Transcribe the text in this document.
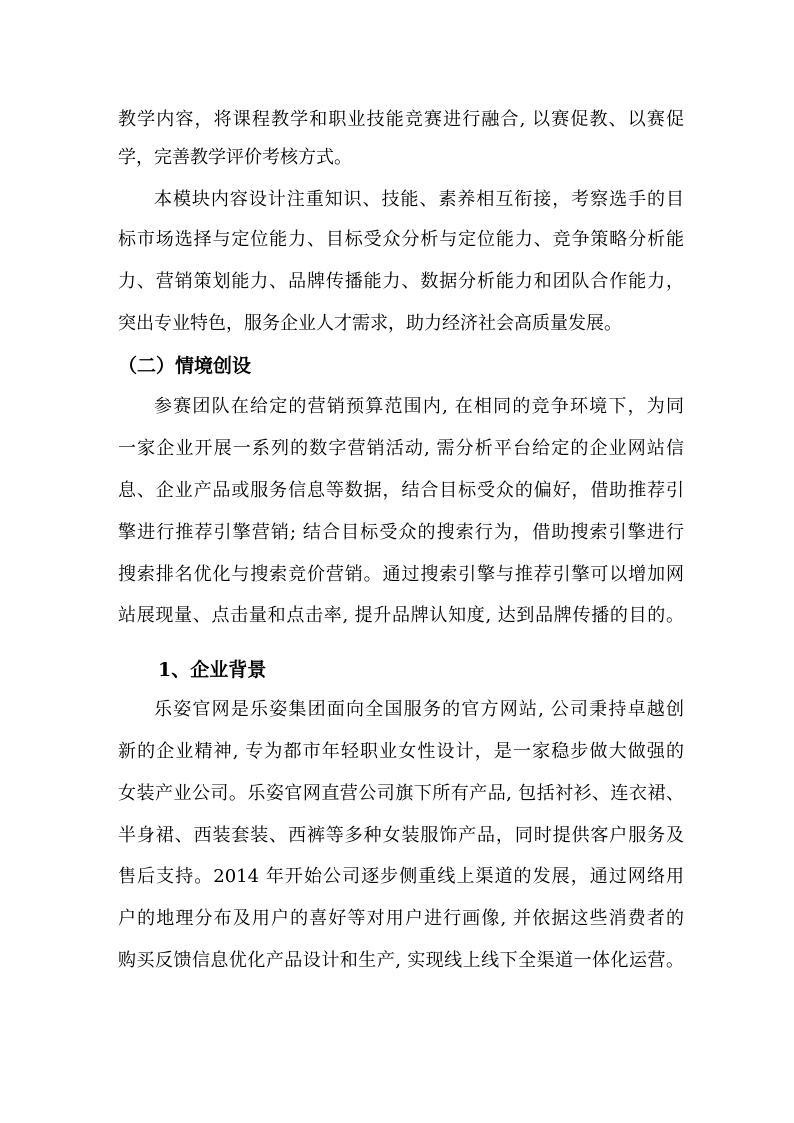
教学内容，将课程教学和职业技能竞赛进行融合, 以赛促教、以赛促
学，完善教学评价考核方式。
本模块内容设计注重知识、技能、素养相互衔接，考察选手的目
标市场选择与定位能力、目标受众分析与定位能力、竞争策略分析能
力、营销策划能力、品牌传播能力、数据分析能力和团队合作能力，
突出专业特色，服务企业人才需求，助力经济社会高质量发展。
（二）情境创设
参赛团队在给定的营销预算范围内, 在相同的竞争环境下，为同
一家企业开展一系列的数字营销活动, 需分析平台给定的企业网站信
息、企业产品或服务信息等数据，结合目标受众的偏好，借助推荐引
擎进行推荐引擎营销; 结合目标受众的搜索行为，借助搜索引擎进行
搜索排名优化与搜索竞价营销。通过搜索引擎与推荐引擎可以增加网
站展现量、点击量和点击率, 提升品牌认知度, 达到品牌传播的目的。
1、企业背景
乐姿官网是乐姿集团面向全国服务的官方网站, 公司秉持卓越创
新的企业精神, 专为都市年轻职业女性设计，是一家稳步做大做强的
女装产业公司。乐姿官网直营公司旗下所有产品, 包括衬衫、连衣裙、
半身裙、西装套装、西裤等多种女装服饰产品，同时提供客户服务及
售后支持。2014 年开始公司逐步侧重线上渠道的发展，通过网络用
户的地理分布及用户的喜好等对用户进行画像, 并依据这些消费者的
购买反馈信息优化产品设计和生产, 实现线上线下全渠道一体化运营。
